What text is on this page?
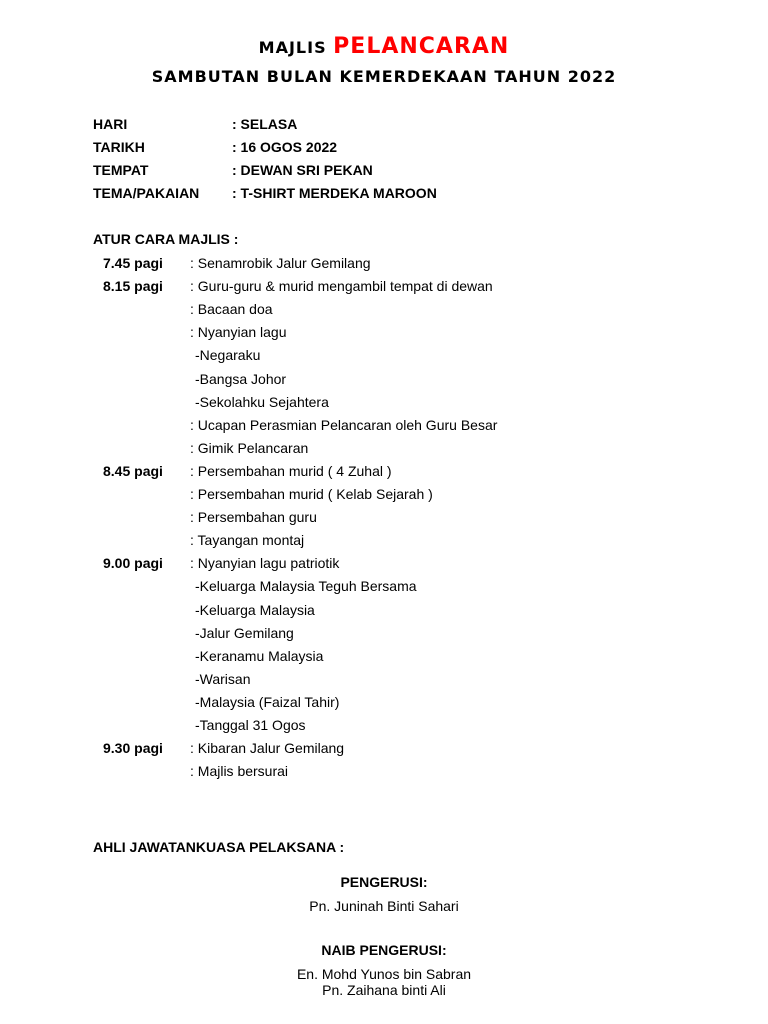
MAJLIS PELANCARAN
SAMBUTAN BULAN KEMERDEKAAN TAHUN 2022
HARI	: SELASA
TARIKH	: 16 OGOS 2022
TEMPAT	: DEWAN SRI PEKAN
TEMA/PAKAIAN : T-SHIRT MERDEKA MAROON
ATUR CARA MAJLIS :
7.45 pagi : Senamrobik Jalur Gemilang
8.15 pagi : Guru-guru & murid mengambil tempat di dewan
: Bacaan doa
: Nyanyian lagu
-Negaraku
-Bangsa Johor
-Sekolahku Sejahtera
: Ucapan Perasmian Pelancaran oleh Guru Besar
: Gimik Pelancaran
8.45 pagi : Persembahan murid ( 4 Zuhal )
: Persembahan murid ( Kelab Sejarah )
: Persembahan guru
: Tayangan montaj
9.00 pagi : Nyanyian lagu patriotik
-Keluarga Malaysia Teguh Bersama
-Keluarga Malaysia
-Jalur Gemilang
-Keranamu Malaysia
-Warisan
-Malaysia (Faizal Tahir)
-Tanggal 31 Ogos
9.30 pagi : Kibaran Jalur Gemilang
: Majlis bersurai
AHLI JAWATANKUASA PELAKSANA :
PENGERUSI:
Pn. Juninah Binti Sahari
NAIB PENGERUSI:
En. Mohd Yunos bin Sabran
Pn. Zaihana binti Ali
